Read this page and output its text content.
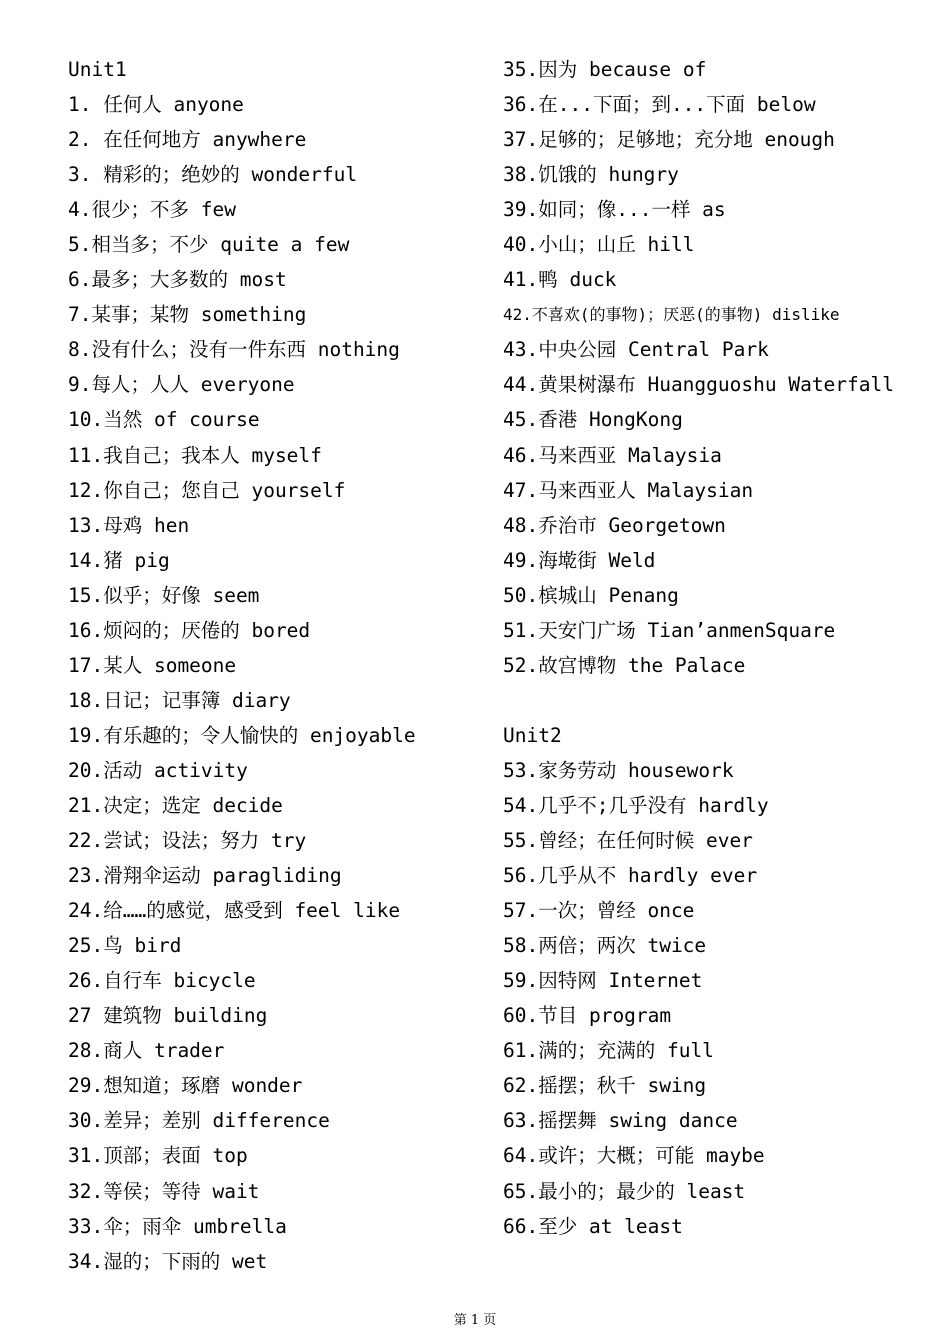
Unit1
1. 任何人 anyone
2. 在任何地方 anywhere
3. 精彩的；绝妙的 wonderful
4.很少；不多 few
5.相当多；不少 quite a few
6.最多；大多数的 most
7.某事；某物 something
8.没有什么；没有一件东西 nothing
9.每人；人人 everyone
10.当然 of course
11.我自己；我本人 myself
12.你自己；您自己 yourself
13.母鸡 hen
14.猪 pig
15.似乎；好像 seem
16.烦闷的；厌倦的 bored
17.某人 someone
18.日记；记事簿 diary
19.有乐趣的；令人愉快的 enjoyable
20.活动 activity
21.决定；选定 decide
22.尝试；设法；努力 try
23.滑翔伞运动 paragliding
24.给……的感觉，感受到 feel like
25.鸟 bird
26.自行车 bicycle
27 建筑物 building
28.商人 trader
29.想知道；琢磨 wonder
30.差异；差别 difference
31.顶部；表面 top
32.等侯；等待 wait
33.伞；雨伞 umbrella
34.湿的；下雨的 wet
35.因为 because of
36.在...下面；到...下面 below
37.足够的；足够地；充分地 enough
38.饥饿的 hungry
39.如同；像...一样 as
40.小山；山丘 hill
41.鸭 duck
42.不喜欢(的事物)；厌恶(的事物) dislike
43.中央公园 Central Park
44.黄果树瀑布 Huangguoshu Waterfall
45.香港 HongKong
46.马来西亚 Malaysia
47.马来西亚人 Malaysian
48.乔治市 Georgetown
49.海墘街 Weld
50.槟城山 Penang
51.天安门广场 Tian’anmenSquare
52.故宫博物 the Palace
Unit2
53.家务劳动 housework
54.几乎不;几乎没有 hardly
55.曾经；在任何时候 ever
56.几乎从不 hardly ever
57.一次；曾经 once
58.两倍；两次 twice
59.因特网 Internet
60.节目 program
61.满的；充满的 full
62.摇摆；秋千 swing
63.摇摆舞 swing dance
64.或许；大概；可能 maybe
65.最小的；最少的 least
66.至少 at least
第 1 页
